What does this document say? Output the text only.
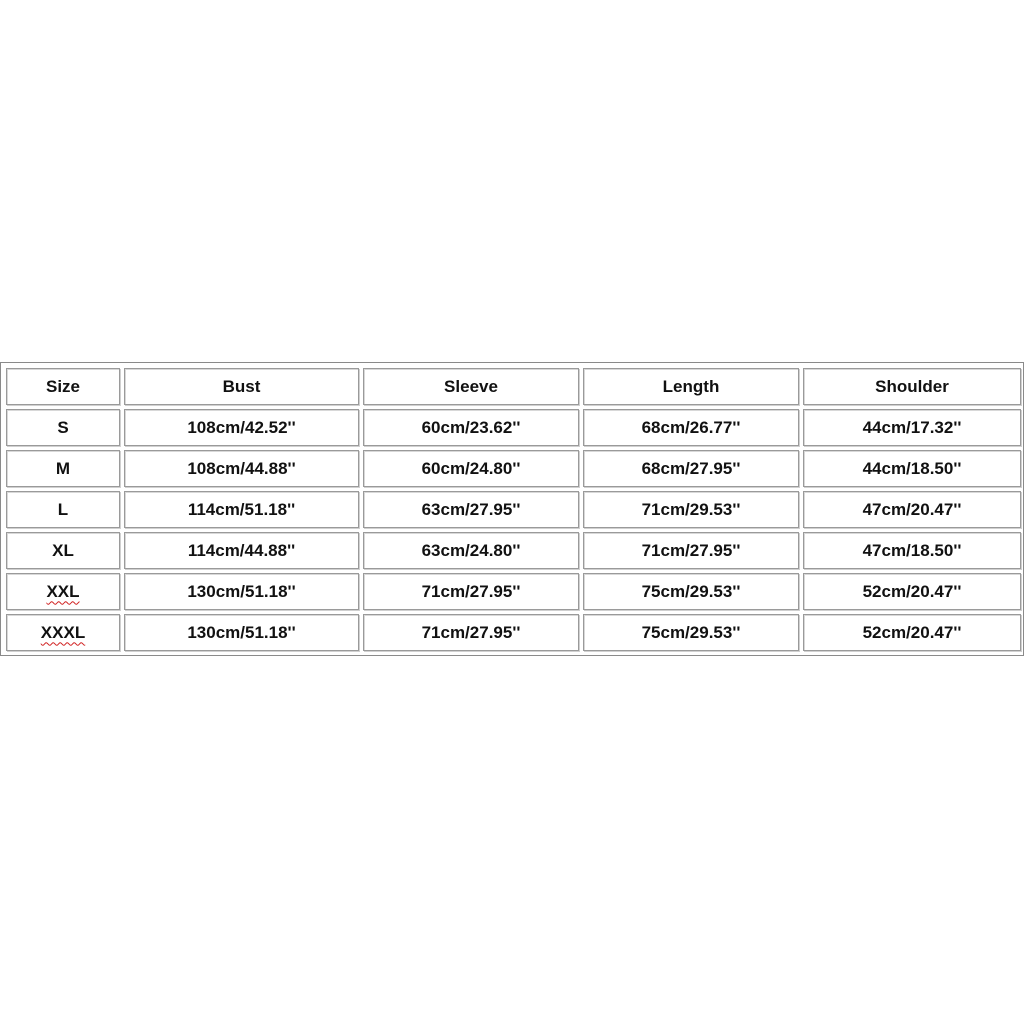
Size	Bust	Sleeve	Length	Shoulder
S	108cm/42.52''	60cm/23.62''	68cm/26.77''	44cm/17.32''
M	108cm/44.88''	60cm/24.80''	68cm/27.95''	44cm/18.50''
L	114cm/51.18''	63cm/27.95''	71cm/29.53''	47cm/20.47''
XL	114cm/44.88''	63cm/24.80''	71cm/27.95''	47cm/18.50''
XXL	130cm/51.18''	71cm/27.95''	75cm/29.53''	52cm/20.47''
XXXL	130cm/51.18''	71cm/27.95''	75cm/29.53''	52cm/20.47''
